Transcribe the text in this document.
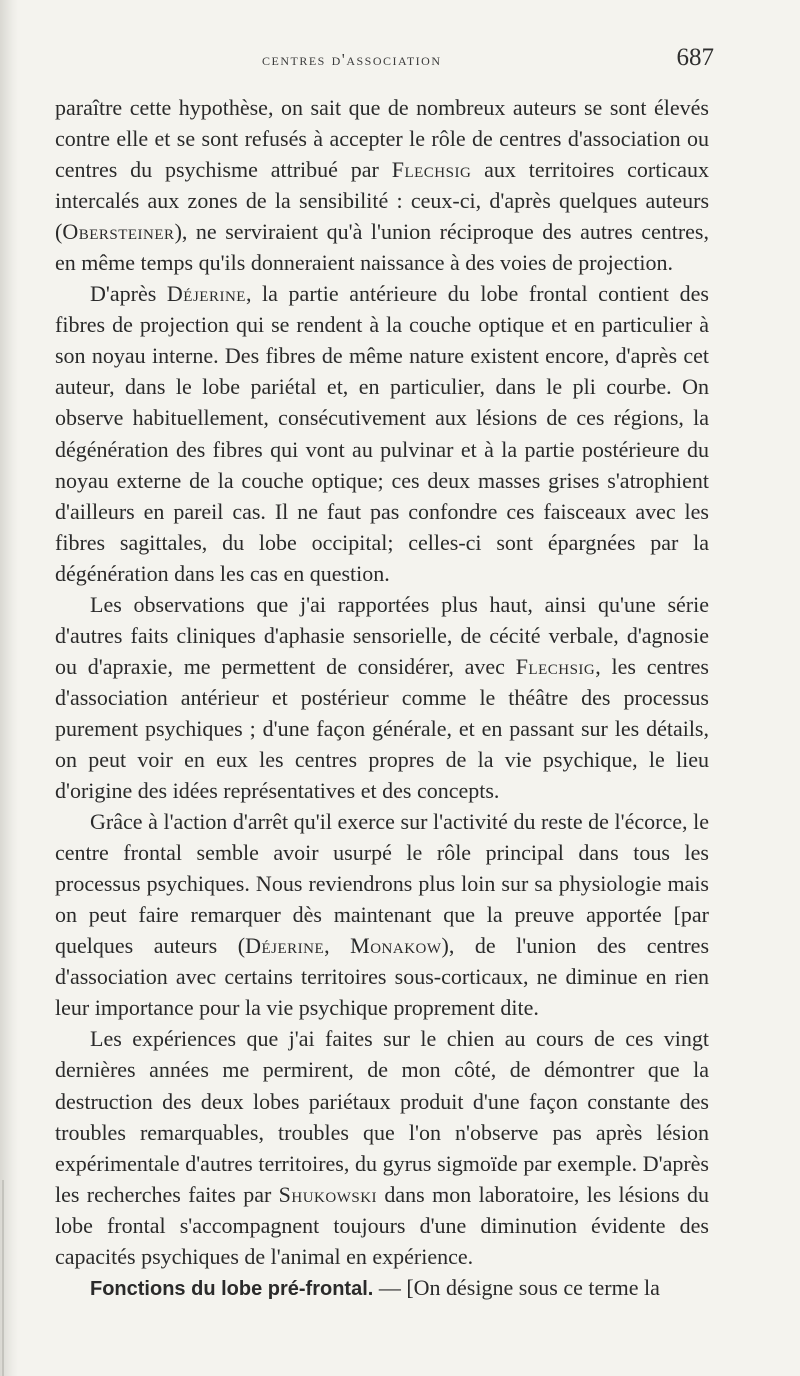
centres d'association	687

paraître cette hypothèse, on sait que de nombreux auteurs se sont élevés contre elle et se sont refusés à accepter le rôle de centres d'association ou centres du psychisme attribué par Flechsig aux territoires corticaux intercalés aux zones de la sensibilité : ceux-ci, d'après quelques auteurs (Obersteiner), ne serviraient qu'à l'union réciproque des autres centres, en même temps qu'ils donneraient naissance à des voies de projection.

D'après Déjerine, la partie antérieure du lobe frontal contient des fibres de projection qui se rendent à la couche optique et en particulier à son noyau interne. Des fibres de même nature existent encore, d'après cet auteur, dans le lobe pariétal et, en particulier, dans le pli courbe. On observe habituellement, consécutivement aux lésions de ces régions, la dégénération des fibres qui vont au pulvinar et à la partie postérieure du noyau externe de la couche optique; ces deux masses grises s'atrophient d'ailleurs en pareil cas. Il ne faut pas confondre ces faisceaux avec les fibres sagittales, du lobe occipital; celles-ci sont épargnées par la dégénération dans les cas en question.

Les observations que j'ai rapportées plus haut, ainsi qu'une série d'autres faits cliniques d'aphasie sensorielle, de cécité verbale, d'agnosie ou d'apraxie, me permettent de considérer, avec Flechsig, les centres d'association antérieur et postérieur comme le théâtre des processus purement psychiques ; d'une façon générale, et en passant sur les détails, on peut voir en eux les centres propres de la vie psychique, le lieu d'origine des idées représentatives et des concepts.

Grâce à l'action d'arrêt qu'il exerce sur l'activité du reste de l'écorce, le centre frontal semble avoir usurpé le rôle principal dans tous les processus psychiques. Nous reviendrons plus loin sur sa physiologie mais on peut faire remarquer dès maintenant que la preuve apportée [par quelques auteurs (Déjerine, Monakow), de l'union des centres d'association avec certains territoires sous-corticaux, ne diminue en rien leur importance pour la vie psychique proprement dite.

Les expériences que j'ai faites sur le chien au cours de ces vingt dernières années me permirent, de mon côté, de démontrer que la destruction des deux lobes pariétaux produit d'une façon constante des troubles remarquables, troubles que l'on n'observe pas après lésion expérimentale d'autres territoires, du gyrus sigmoïde par exemple. D'après les recherches faites par Shukowski dans mon laboratoire, les lésions du lobe frontal s'accompagnent toujours d'une diminution évidente des capacités psychiques de l'animal en expérience.

Fonctions du lobe pré-frontal. — [On désigne sous ce terme la
